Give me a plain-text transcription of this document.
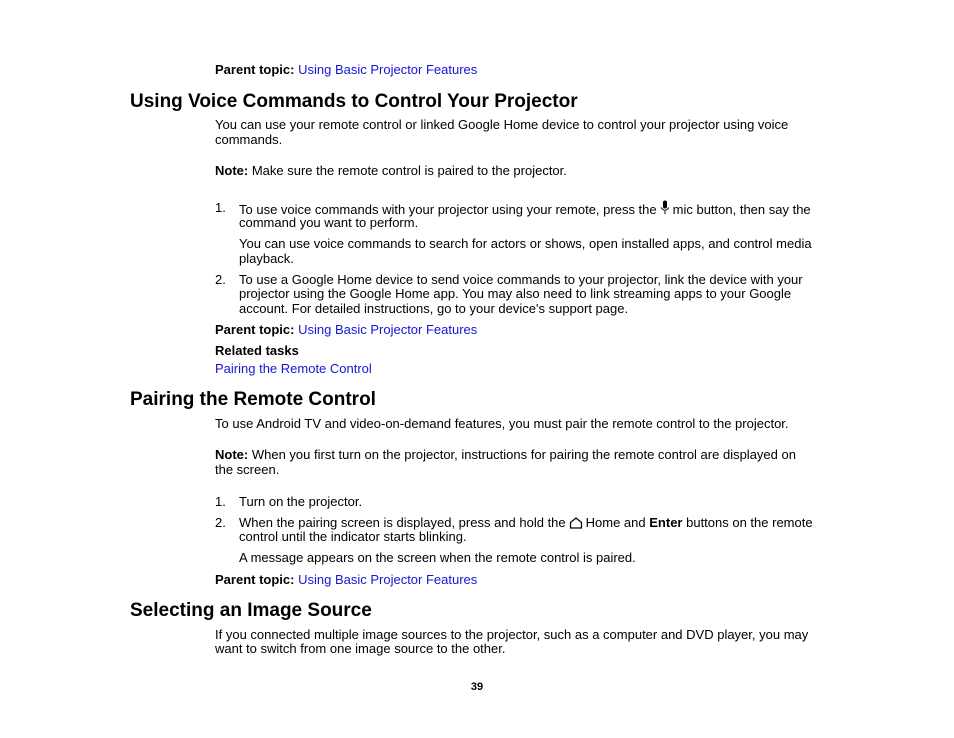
Parent topic: Using Basic Projector Features

Using Voice Commands to Control Your Projector

You can use your remote control or linked Google Home device to control your projector using voice

commands.

Note: Make sure the remote control is paired to the projector.

1.	To use voice commands with your projector using your remote, press the mic button, then say the

command you want to perform.

You can use voice commands to search for actors or shows, open installed apps, and control media

playback.

2.	To use a Google Home device to send voice commands to your projector, link the device with your

projector using the Google Home app. You may also need to link streaming apps to your Google

account. For detailed instructions, go to your device's support page.

Parent topic: Using Basic Projector Features

Related tasks

Pairing the Remote Control

Pairing the Remote Control

To use Android TV and video-on-demand features, you must pair the remote control to the projector.

Note: When you first turn on the projector, instructions for pairing the remote control are displayed on

the screen.

1.	Turn on the projector.

2.	When the pairing screen is displayed, press and hold the Home and Enter buttons on the remote

control until the indicator starts blinking.

A message appears on the screen when the remote control is paired.

Parent topic: Using Basic Projector Features

Selecting an Image Source

If you connected multiple image sources to the projector, such as a computer and DVD player, you may

want to switch from one image source to the other.

39
